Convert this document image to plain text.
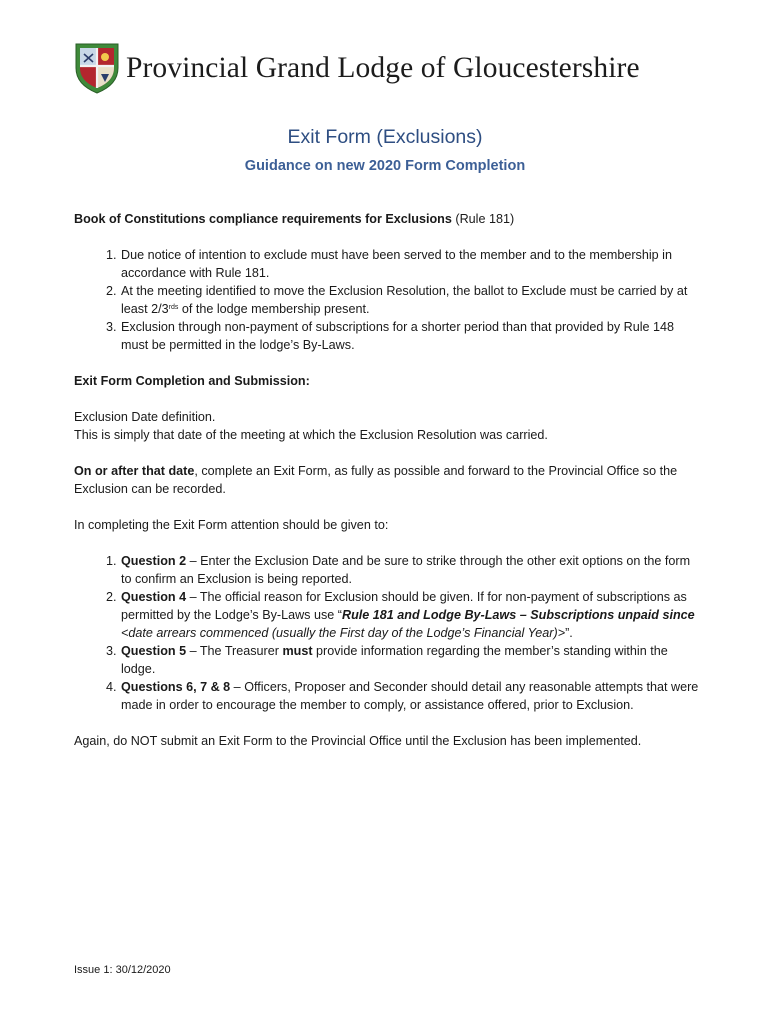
Provincial Grand Lodge of Gloucestershire
Exit Form (Exclusions)
Guidance on new 2020 Form Completion

Book of Constitutions compliance requirements for Exclusions (Rule 181)

1. Due notice of intention to exclude must have been served to the member and to the membership in accordance with Rule 181.
2. At the meeting identified to move the Exclusion Resolution, the ballot to Exclude must be carried by at least $2/3^{rds}$ of the lodge membership present.
3. Exclusion through non-payment of subscriptions for a shorter period than that provided by Rule 148 must be permitted in the lodge’s By-Laws.

Exit Form Completion and Submission:

Exclusion Date definition.

This is simply that date of the meeting at which the Exclusion Resolution was carried.

On or after that date, complete an Exit Form, as fully as possible and forward to the Provincial Office so the Exclusion can be recorded.

In completing the Exit Form attention should be given to:

1. Question 2 – Enter the Exclusion Date and be sure to strike through the other exit options on the form to confirm an Exclusion is being reported.
2. Question 4 – The official reason for Exclusion should be given. If for non-payment of subscriptions as permitted by the Lodge’s By-Laws use “Rule 181 and Lodge By-Laws – Subscriptions unpaid since <date arrears commenced (usually the First day of the Lodge’s Financial Year)>”.
3. Question 5 – The Treasurer must provide information regarding the member’s standing within the lodge.
4. Questions 6, 7 & 8 – Officers, Proposer and Seconder should detail any reasonable attempts that were made in order to encourage the member to comply, or assistance offered, prior to Exclusion.

Again, do NOT submit an Exit Form to the Provincial Office until the Exclusion has been implemented.

Issue 1: 30/12/2020
